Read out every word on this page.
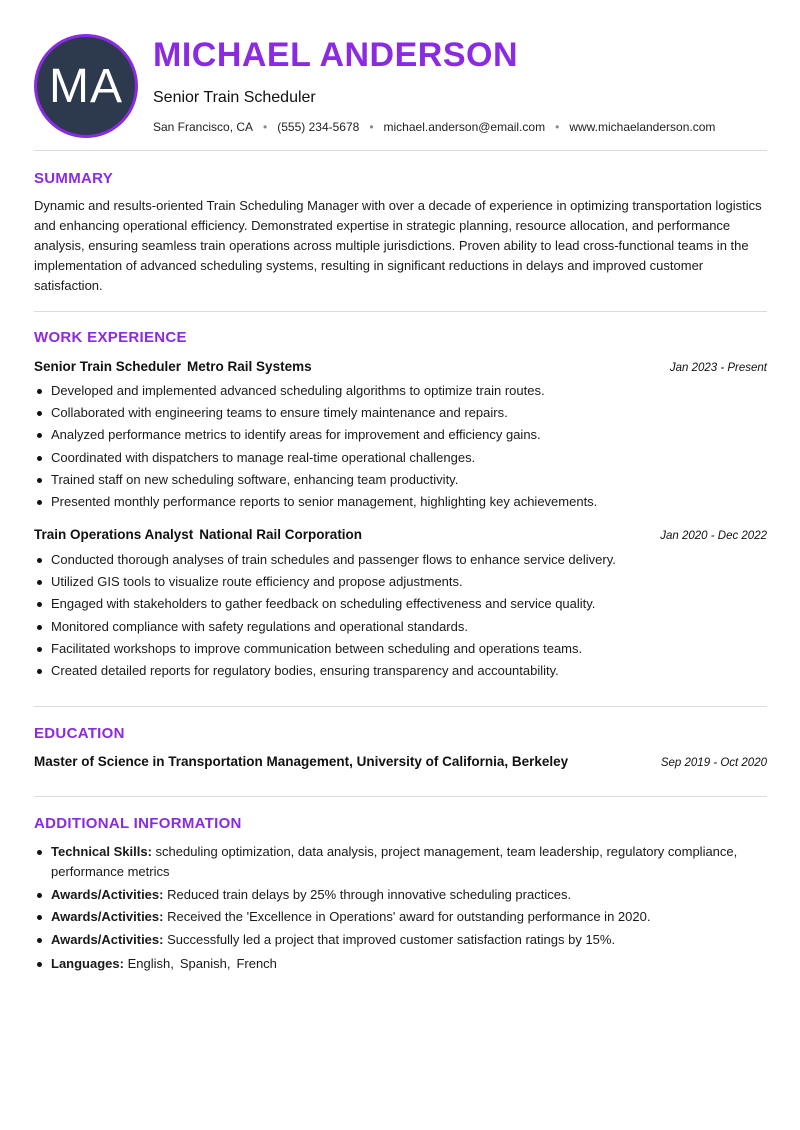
MA
MICHAEL ANDERSON
Senior Train Scheduler
San Francisco, CA • (555) 234-5678 • michael.anderson@email.com • www.michaelanderson.com
SUMMARY

Dynamic and results-oriented Train Scheduling Manager with over a decade of experience in optimizing transportation logistics and enhancing operational efficiency. Demonstrated expertise in strategic planning, resource allocation, and performance analysis, ensuring seamless train operations across multiple jurisdictions. Proven ability to lead cross-functional teams in the implementation of advanced scheduling systems, resulting in significant reductions in delays and improved customer satisfaction.

WORK EXPERIENCE
Senior Train Scheduler Metro Rail Systems	Jan 2023 - Present
Developed and implemented advanced scheduling algorithms to optimize train routes.
Collaborated with engineering teams to ensure timely maintenance and repairs.
Analyzed performance metrics to identify areas for improvement and efficiency gains.
Coordinated with dispatchers to manage real-time operational challenges.
Trained staff on new scheduling software, enhancing team productivity.
Presented monthly performance reports to senior management, highlighting key achievements.
Train Operations Analyst National Rail Corporation	Jan 2020 - Dec 2022
Conducted thorough analyses of train schedules and passenger flows to enhance service delivery.
Utilized GIS tools to visualize route efficiency and propose adjustments.
Engaged with stakeholders to gather feedback on scheduling effectiveness and service quality.
Monitored compliance with safety regulations and operational standards.
Facilitated workshops to improve communication between scheduling and operations teams.
Created detailed reports for regulatory bodies, ensuring transparency and accountability.
EDUCATION
Master of Science in Transportation Management, University of California, Berkeley	Sep 2019 - Oct 2020
ADDITIONAL INFORMATION
Technical Skills: scheduling optimization, data analysis, project management, team leadership, regulatory compliance, performance metrics
Awards/Activities: Reduced train delays by 25% through innovative scheduling practices.
Awards/Activities: Received the 'Excellence in Operations' award for outstanding performance in 2020.
Awards/Activities: Successfully led a project that improved customer satisfaction ratings by 15%.
Languages: English, Spanish, French
